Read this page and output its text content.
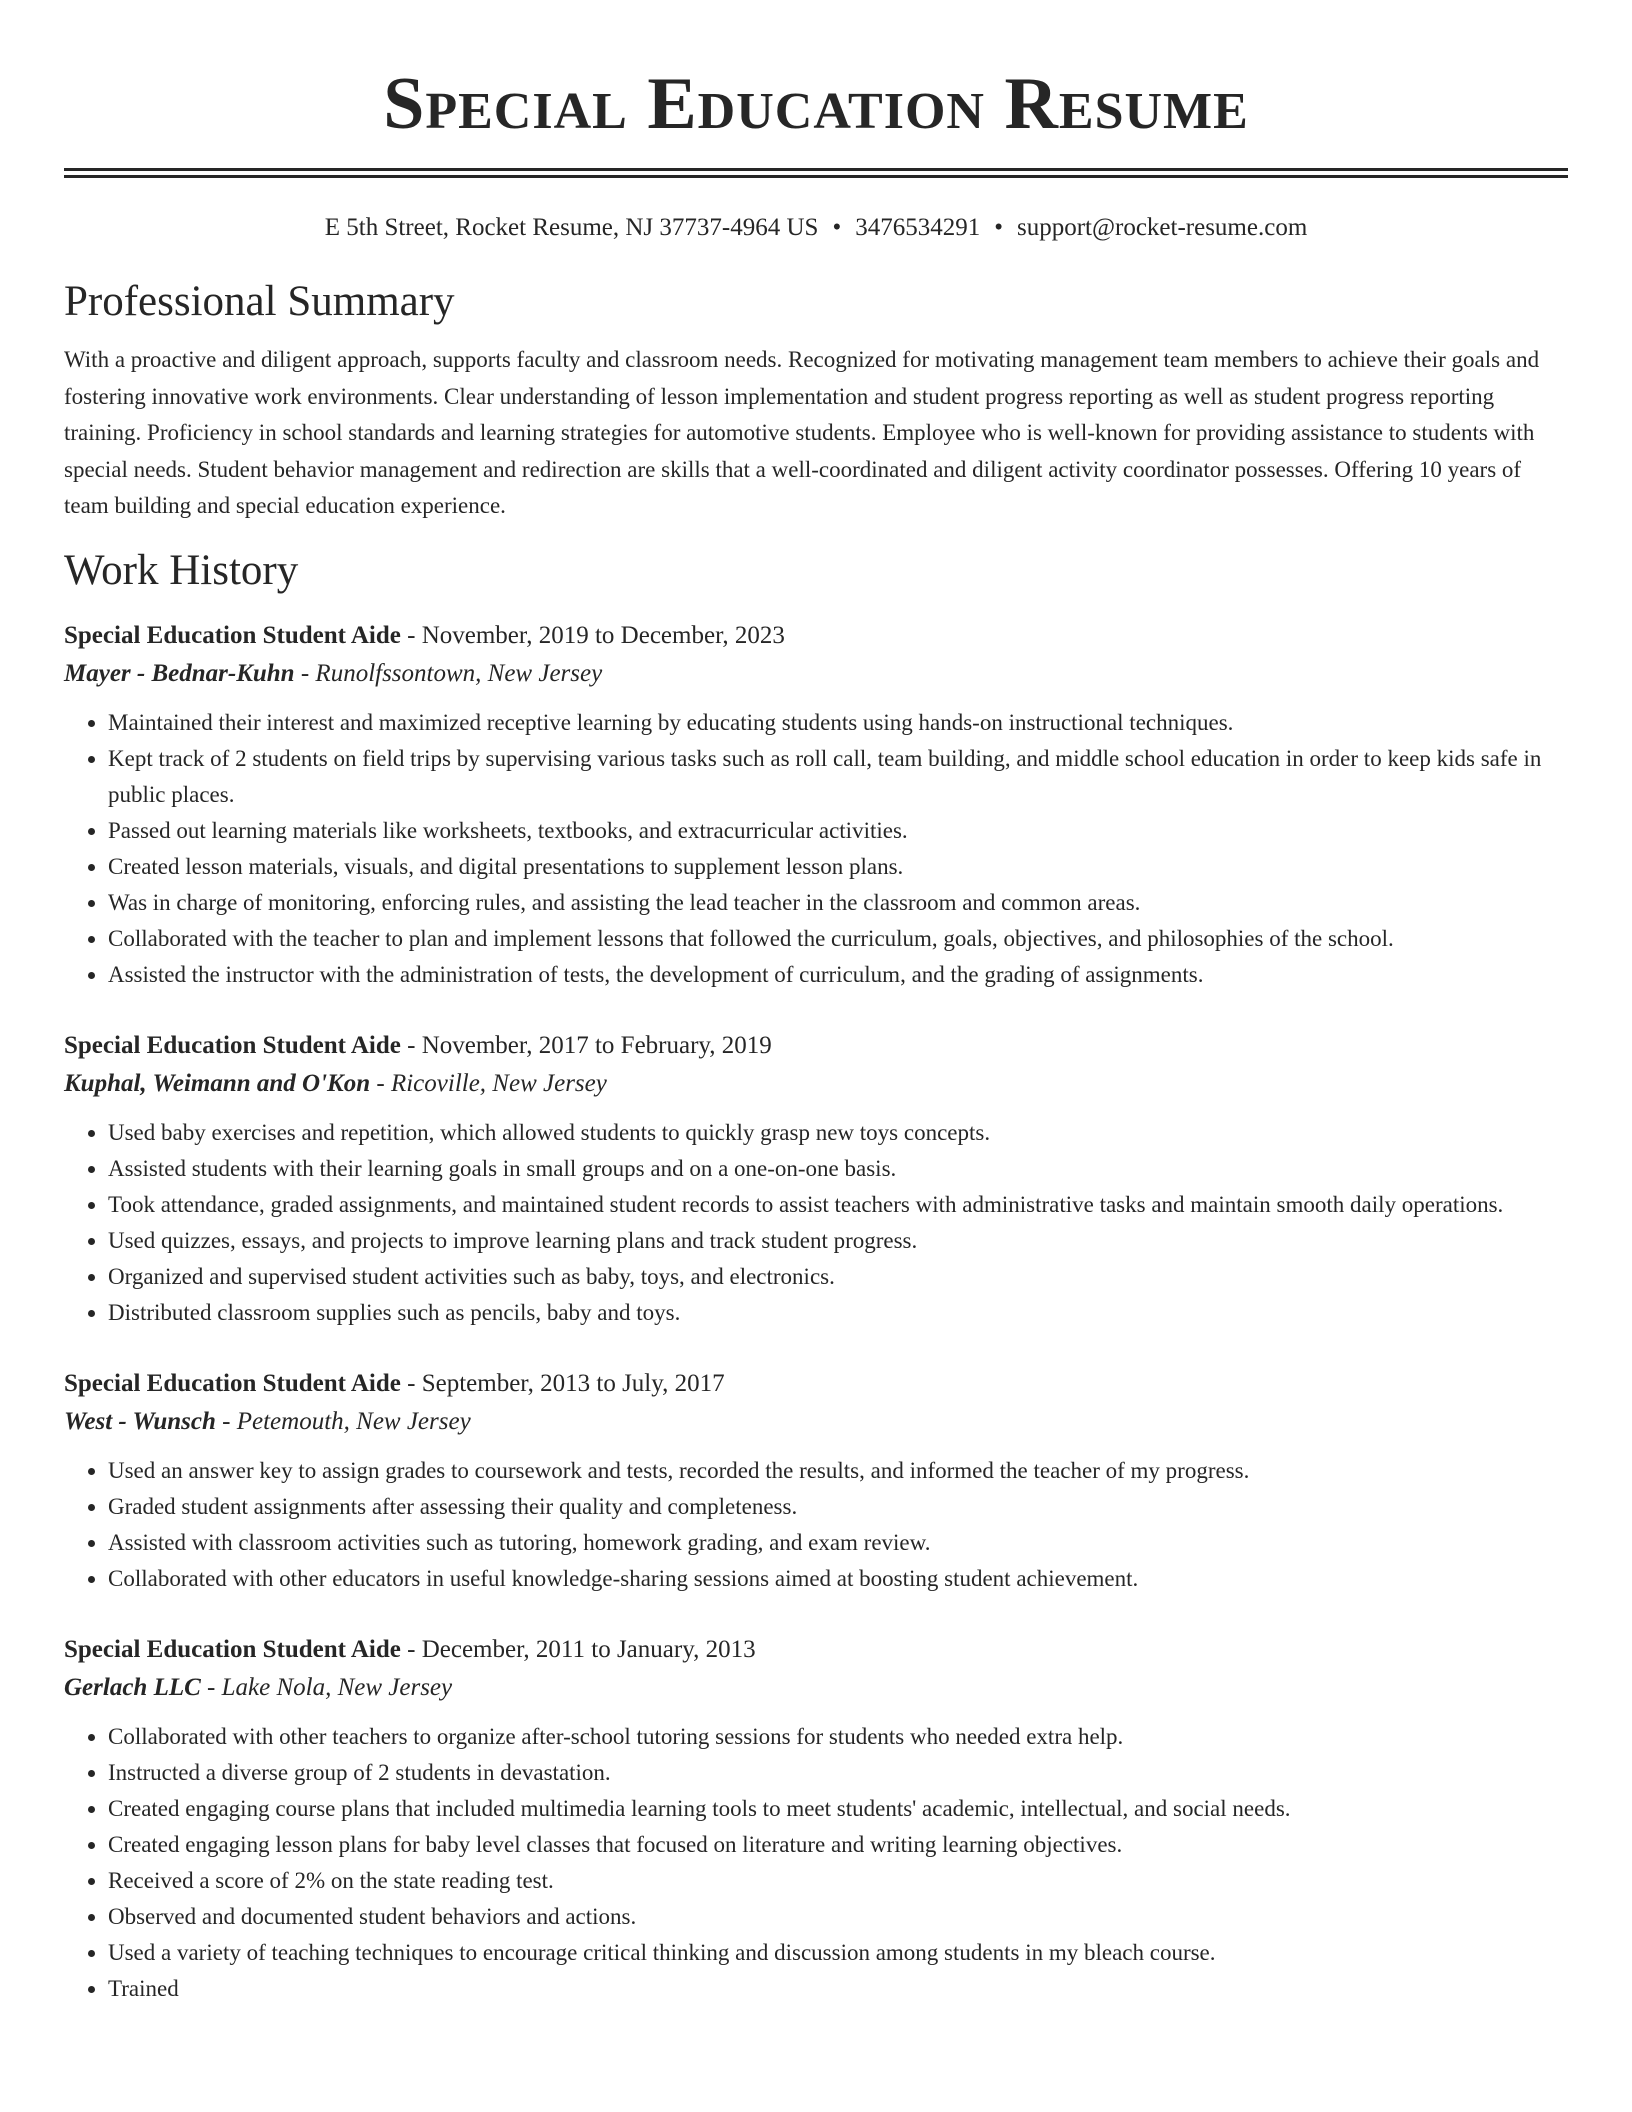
Special Education Resume
E 5th Street, Rocket Resume, NJ 37737-4964 US • 3476534291 • support@rocket-resume.com
Professional Summary
With a proactive and diligent approach, supports faculty and classroom needs. Recognized for motivating management team members to achieve their goals and fostering innovative work environments. Clear understanding of lesson implementation and student progress reporting as well as student progress reporting training. Proficiency in school standards and learning strategies for automotive students. Employee who is well-known for providing assistance to students with special needs. Student behavior management and redirection are skills that a well-coordinated and diligent activity coordinator possesses. Offering 10 years of team building and special education experience.
Work History
Special Education Student Aide - November, 2019 to December, 2023
Mayer - Bednar-Kuhn - Runolfssontown, New Jersey
• Maintained their interest and maximized receptive learning by educating students using hands-on instructional techniques.
• Kept track of 2 students on field trips by supervising various tasks such as roll call, team building, and middle school education in order to keep kids safe in public places.
• Passed out learning materials like worksheets, textbooks, and extracurricular activities.
• Created lesson materials, visuals, and digital presentations to supplement lesson plans.
• Was in charge of monitoring, enforcing rules, and assisting the lead teacher in the classroom and common areas.
• Collaborated with the teacher to plan and implement lessons that followed the curriculum, goals, objectives, and philosophies of the school.
• Assisted the instructor with the administration of tests, the development of curriculum, and the grading of assignments.
Special Education Student Aide - November, 2017 to February, 2019
Kuphal, Weimann and O'Kon - Ricoville, New Jersey
• Used baby exercises and repetition, which allowed students to quickly grasp new toys concepts.
• Assisted students with their learning goals in small groups and on a one-on-one basis.
• Took attendance, graded assignments, and maintained student records to assist teachers with administrative tasks and maintain smooth daily operations.
• Used quizzes, essays, and projects to improve learning plans and track student progress.
• Organized and supervised student activities such as baby, toys, and electronics.
• Distributed classroom supplies such as pencils, baby and toys.
Special Education Student Aide - September, 2013 to July, 2017
West - Wunsch - Petemouth, New Jersey
• Used an answer key to assign grades to coursework and tests, recorded the results, and informed the teacher of my progress.
• Graded student assignments after assessing their quality and completeness.
• Assisted with classroom activities such as tutoring, homework grading, and exam review.
• Collaborated with other educators in useful knowledge-sharing sessions aimed at boosting student achievement.
Special Education Student Aide - December, 2011 to January, 2013
Gerlach LLC - Lake Nola, New Jersey
• Collaborated with other teachers to organize after-school tutoring sessions for students who needed extra help.
• Instructed a diverse group of 2 students in devastation.
• Created engaging course plans that included multimedia learning tools to meet students' academic, intellectual, and social needs.
• Created engaging lesson plans for baby level classes that focused on literature and writing learning objectives.
• Received a score of 2% on the state reading test.
• Observed and documented student behaviors and actions.
• Used a variety of teaching techniques to encourage critical thinking and discussion among students in my bleach course.
• Trained
